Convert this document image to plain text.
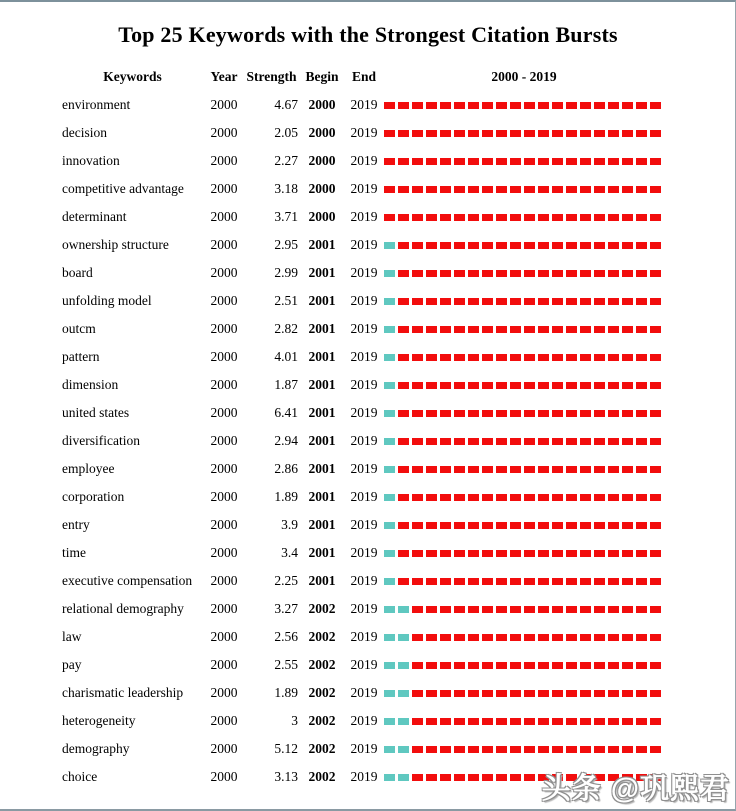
Top 25 Keywords with the Strongest Citation Bursts
Keywords	Year Strength Begin End	2000 - 2019
environment	2000	4.67 2000	2019
decision	2000	2.05 2000	2019
innovation	2000	2.27 2000	2019
competitive advantage	2000	3.18 2000	2019
determinant	2000	3.71 2000	2019
ownership structure	2000	2.95 2001	2019
board	2000	2.99 2001	2019
unfolding model	2000	2.51 2001	2019
outcm	2000	2.82 2001	2019
pattern	2000	4.01 2001	2019
dimension	2000	1.87 2001	2019
united states	2000	6.41 2001	2019
diversification	2000	2.94 2001	2019
employee	2000	2.86 2001	2019
corporation	2000	1.89 2001	2019
entry	2000	3.9 2001	2019
time	2000	3.4 2001	2019
executive compensation	2000	2.25 2001	2019
relational demography	2000	3.27 2002	2019
law	2000	2.56 2002	2019
pay	2000	2.55 2002	2019
charismatic leadership	2000	1.89 2002	2019
heterogeneity	2000	3 2002	2019
demography	2000	5.12 2002	2019
choice	2000	3.13 2002	2019	头条 @巩熙君
